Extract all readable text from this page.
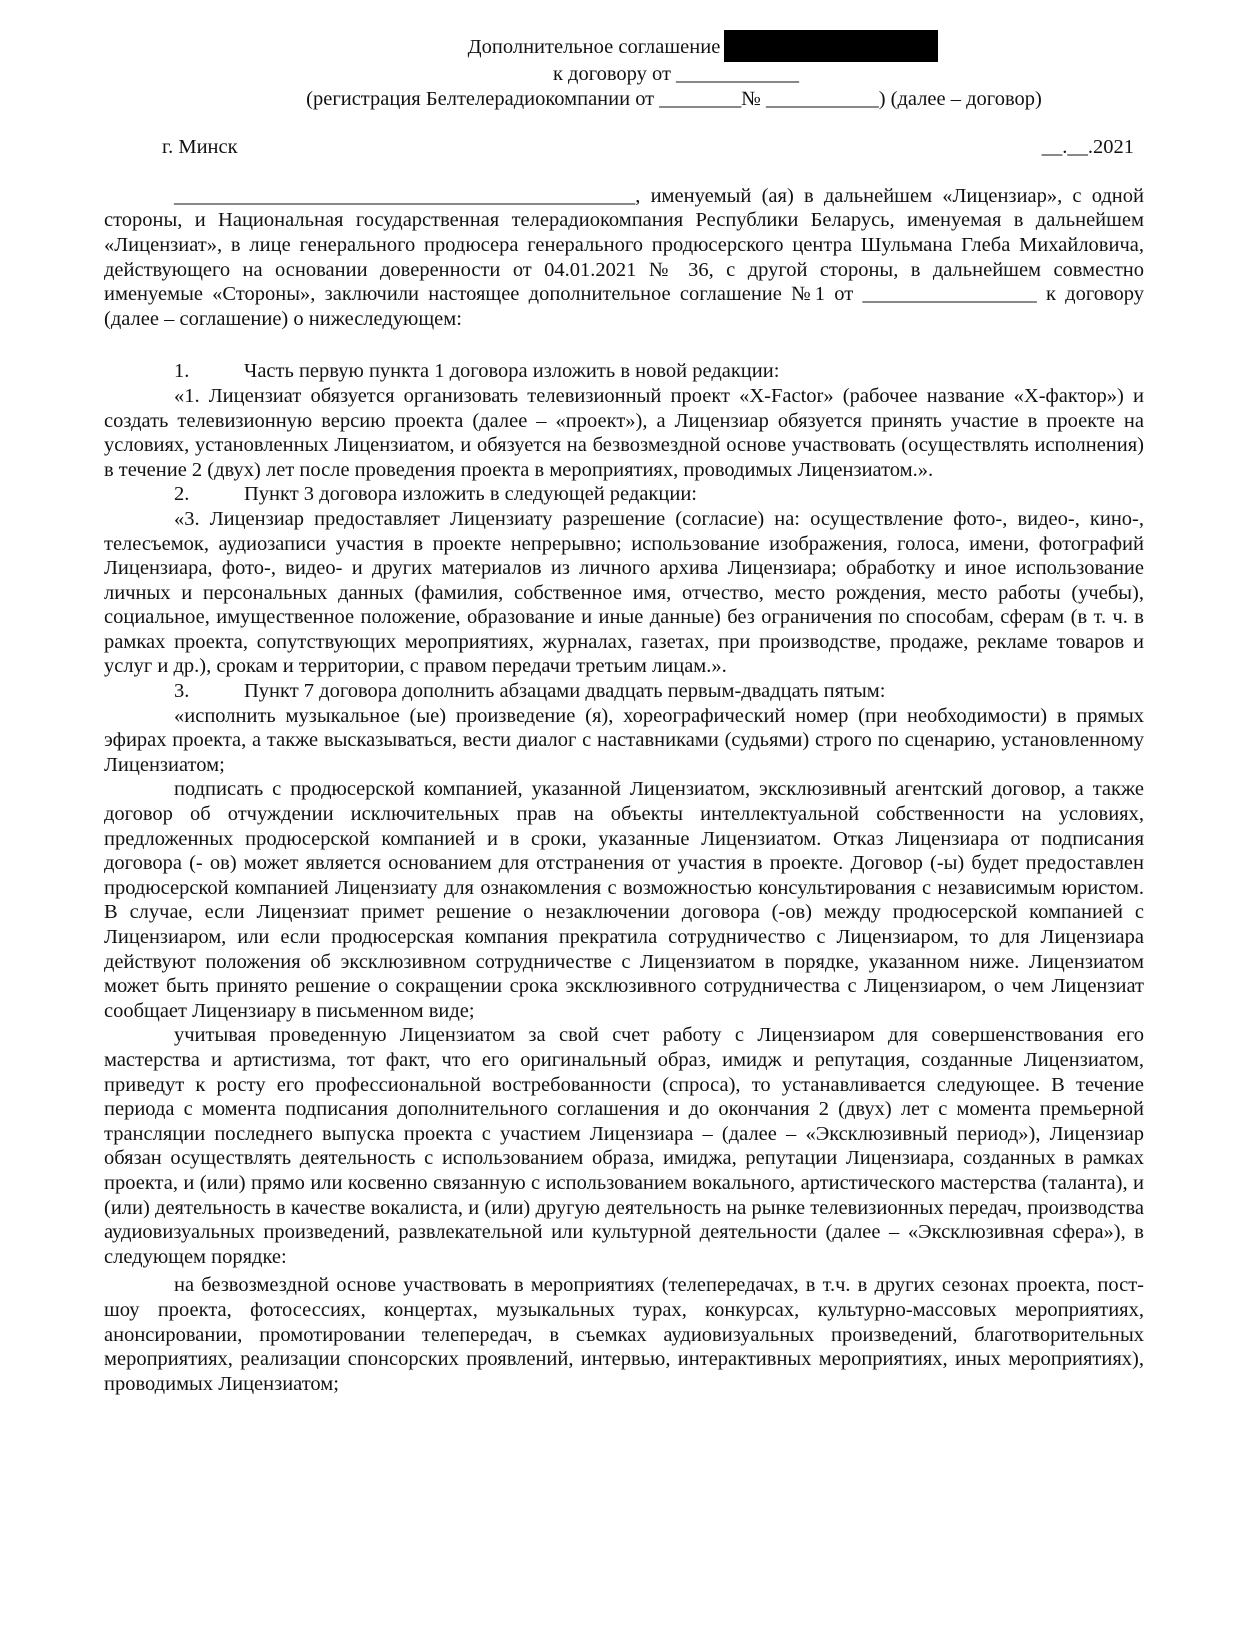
Дополнительное соглашение
к договору от ____________
(регистрация Белтелерадиокомпании от ________№ ___________) (далее – договор)
г. Минск	__.__.2021

_____________________________________________, именуемый (ая) в дальнейшем «Лицензиар», с одной стороны, и Национальная государственная телерадиокомпания Республики Беларусь, именуемая в дальнейшем «Лицензиат», в лице генерального продюсера генерального продюсерского центра Шульмана Глеба Михайловича, действующего на основании доверенности от 04.01.2021 № 36, с другой стороны, в дальнейшем совместно именуемые «Стороны», заключили настоящее дополнительное соглашение №1 от _________________ к договору (далее – соглашение) о нижеследующем:

1.	Часть первую пункта 1 договора изложить в новой редакции:

«1. Лицензиат обязуется организовать телевизионный проект «X-Factor» (рабочее название «Х-фактор») и создать телевизионную версию проекта (далее – «проект»), а Лицензиар обязуется принять участие в проекте на условиях, установленных Лицензиатом, и обязуется на безвозмездной основе участвовать (осуществлять исполнения) в течение 2 (двух) лет после проведения проекта в мероприятиях, проводимых Лицензиатом.».

2.	Пункт 3 договора изложить в следующей редакции:

«3. Лицензиар предоставляет Лицензиату разрешение (согласие) на: осуществление фото-, видео-, кино-, телесъемок, аудиозаписи участия в проекте непрерывно; использование изображения, голоса, имени, фотографий Лицензиара, фото-, видео- и других материалов из личного архива Лицензиара; обработку и иное использование личных и персональных данных (фамилия, собственное имя, отчество, место рождения, место работы (учебы), социальное, имущественное положение, образование и иные данные) без ограничения по способам, сферам (в т. ч. в рамках проекта, сопутствующих мероприятиях, журналах, газетах, при производстве, продаже, рекламе товаров и услуг и др.), срокам и территории, с правом передачи третьим лицам.».

3.	Пункт 7 договора дополнить абзацами двадцать первым-двадцать пятым:

«исполнить музыкальное (ые) произведение (я), хореографический номер (при необходимости) в прямых эфирах проекта, а также высказываться, вести диалог с наставниками (судьями) строго по сценарию, установленному Лицензиатом;

подписать с продюсерской компанией, указанной Лицензиатом, эксклюзивный агентский договор, а также договор об отчуждении исключительных прав на объекты интеллектуальной собственности на условиях, предложенных продюсерской компанией и в сроки, указанные Лицензиатом. Отказ Лицензиара от подписания договора (- ов) может является основанием для отстранения от участия в проекте. Договор (-ы) будет предоставлен продюсерской компанией Лицензиату для ознакомления с возможностью консультирования с независимым юристом. В случае, если Лицензиат примет решение о незаключении договора (-ов) между продюсерской компанией с Лицензиаром, или если продюсерская компания прекратила сотрудничество с Лицензиаром, то для Лицензиара действуют положения об эксклюзивном сотрудничестве с Лицензиатом в порядке, указанном ниже. Лицензиатом может быть принято решение о сокращении срока эксклюзивного сотрудничества с Лицензиаром, о чем Лицензиат сообщает Лицензиару в письменном виде;

учитывая проведенную Лицензиатом за свой счет работу с Лицензиаром для совершенствования его мастерства и артистизма, тот факт, что его оригинальный образ, имидж и репутация, созданные Лицензиатом, приведут к росту его профессиональной востребованности (спроса), то устанавливается следующее. В течение периода с момента подписания дополнительного соглашения и до окончания 2 (двух) лет с момента премьерной трансляции последнего выпуска проекта с участием Лицензиара – (далее – «Эксклюзивный период»), Лицензиар обязан осуществлять деятельность с использованием образа, имиджа, репутации Лицензиара, созданных в рамках проекта, и (или) прямо или косвенно связанную с использованием вокального, артистического мастерства (таланта), и (или) деятельность в качестве вокалиста, и (или) другую деятельность на рынке телевизионных передач, производства аудиовизуальных произведений, развлекательной или культурной деятельности (далее – «Эксклюзивная сфера»), в следующем порядке:

на безвозмездной основе участвовать в мероприятиях (телепередачах, в т.ч. в других сезонах проекта, пост-шоу проекта, фотосессиях, концертах, музыкальных турах, конкурсах, культурно-массовых мероприятиях, анонсировании, промотировании телепередач, в съемках аудиовизуальных произведений, благотворительных мероприятиях, реализации спонсорских проявлений, интервью, интерактивных мероприятиях, иных мероприятиях), проводимых Лицензиатом;
